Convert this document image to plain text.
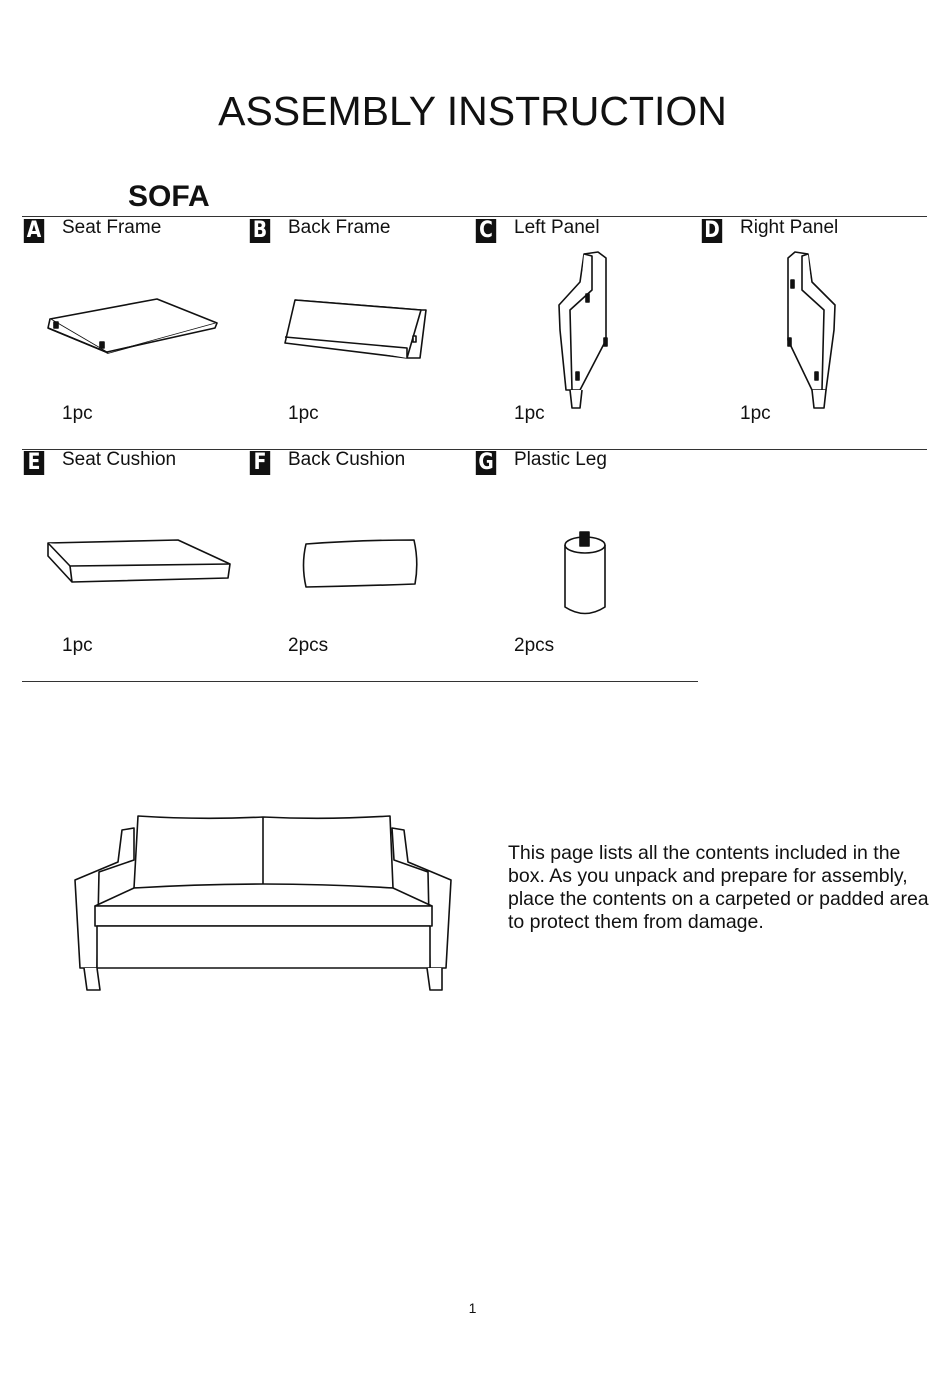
ASSEMBLY INSTRUCTION
SOFA
A Seat Frame
1pc
B Back Frame
1pc
C Left Panel
1pc
D Right Panel
1pc
E Seat Cushion
1pc
F Back Cushion
2pcs
G Plastic Leg
2pcs
This page lists all the contents included in the box. As you unpack and prepare for assembly, place the contents on a carpeted or padded area to protect them from damage.
1
